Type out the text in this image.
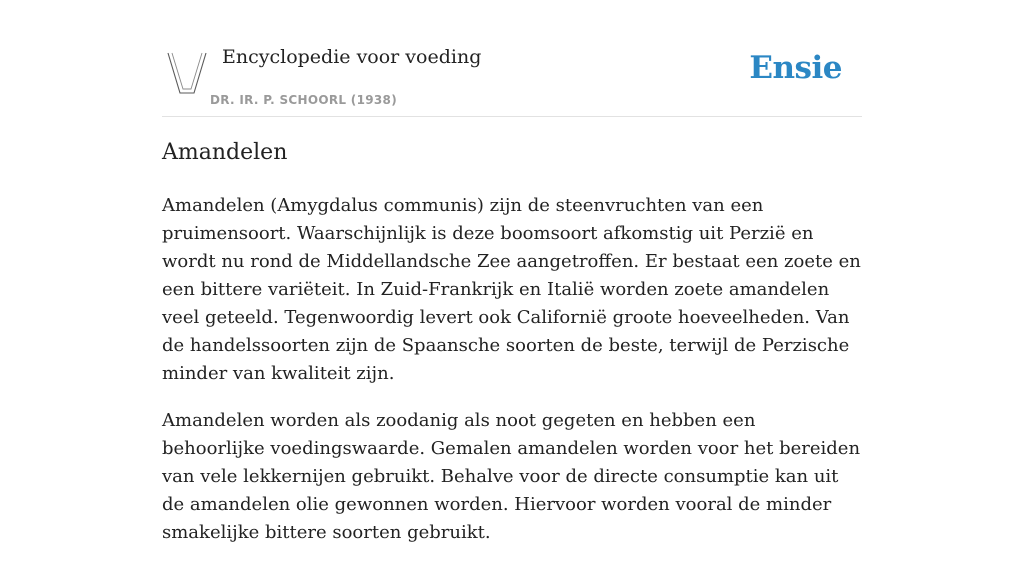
Encyclopedie voor voeding
DR. IR. P. SCHOORL (1938)
Ensie
Amandelen

Amandelen (Amygdalus communis) zijn de steenvruchten van een pruimensoort. Waarschijnlijk is deze boomsoort afkomstig uit Perzië en wordt nu rond de Middellandsche Zee aangetroffen. Er bestaat een zoete en een bittere variëteit. In Zuid-Frankrijk en Italië worden zoete amandelen veel geteeld. Tegenwoordig levert ook Californië groote hoeveelheden. Van de handelssoorten zijn de Spaansche soorten de beste, terwijl de Perzische minder van kwaliteit zijn.

Amandelen worden als zoodanig als noot gegeten en hebben een behoorlijke voedingswaarde. Gemalen amandelen worden voor het bereiden van vele lekkernijen gebruikt. Behalve voor de directe consumptie kan uit de amandelen olie gewonnen worden. Hiervoor worden vooral de minder smakelijke bittere soorten gebruikt.
